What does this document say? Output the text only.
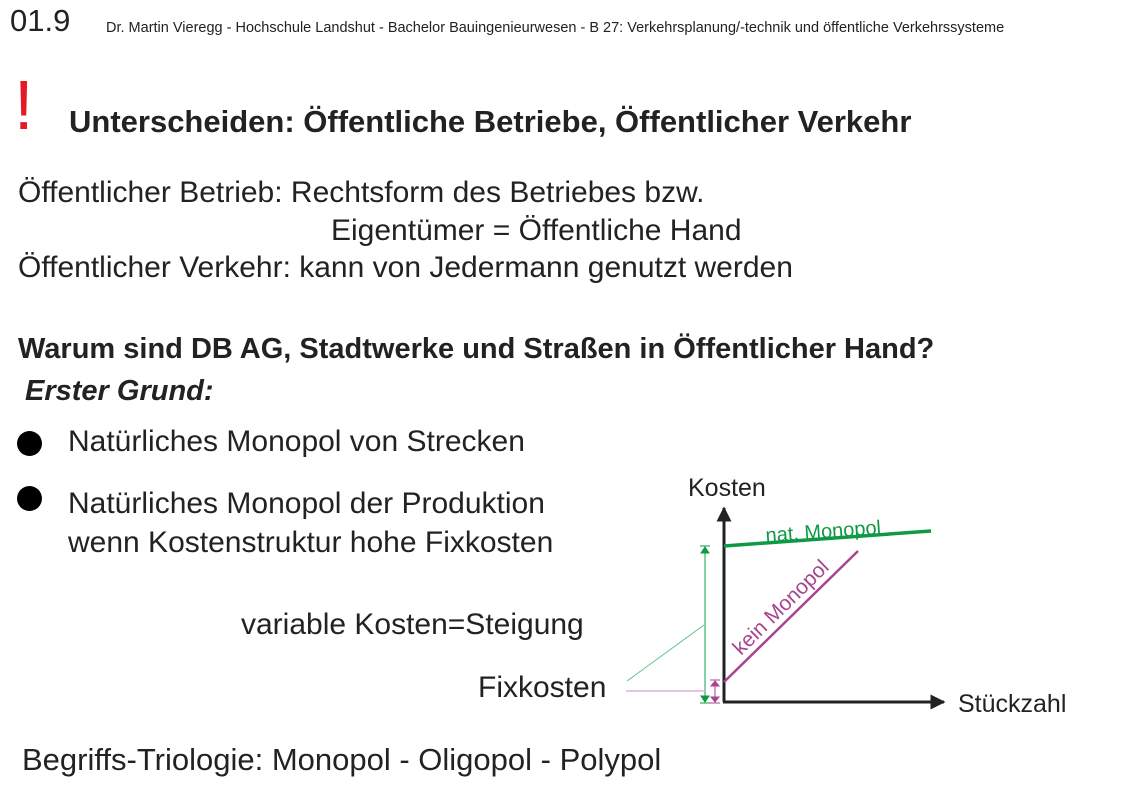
01.9 Dr. Martin Vieregg - Hochschule Landshut - Bachelor Bauingenieurwesen - B 27: Verkehrsplanung/-technik und öffentliche Verkehrssysteme
! Unterscheiden: Öffentliche Betriebe, Öffentlicher Verkehr
Öffentlicher Betrieb: Rechtsform des Betriebes bzw.
Eigentümer = Öffentliche Hand
Öffentlicher Verkehr: kann von Jedermann genutzt werden
Warum sind DB AG, Stadtwerke und Straßen in Öffentlicher Hand?
Erster Grund:
Natürliches Monopol von Strecken
Natürliches Monopol der Produktion
wenn Kostenstruktur hohe Fixkosten
variable Kosten=Steigung
Fixkosten
Kosten
Stückzahl
nat. Monopol
kein Monopol
Begriffs-Triologie: Monopol - Oligopol - Polypol
